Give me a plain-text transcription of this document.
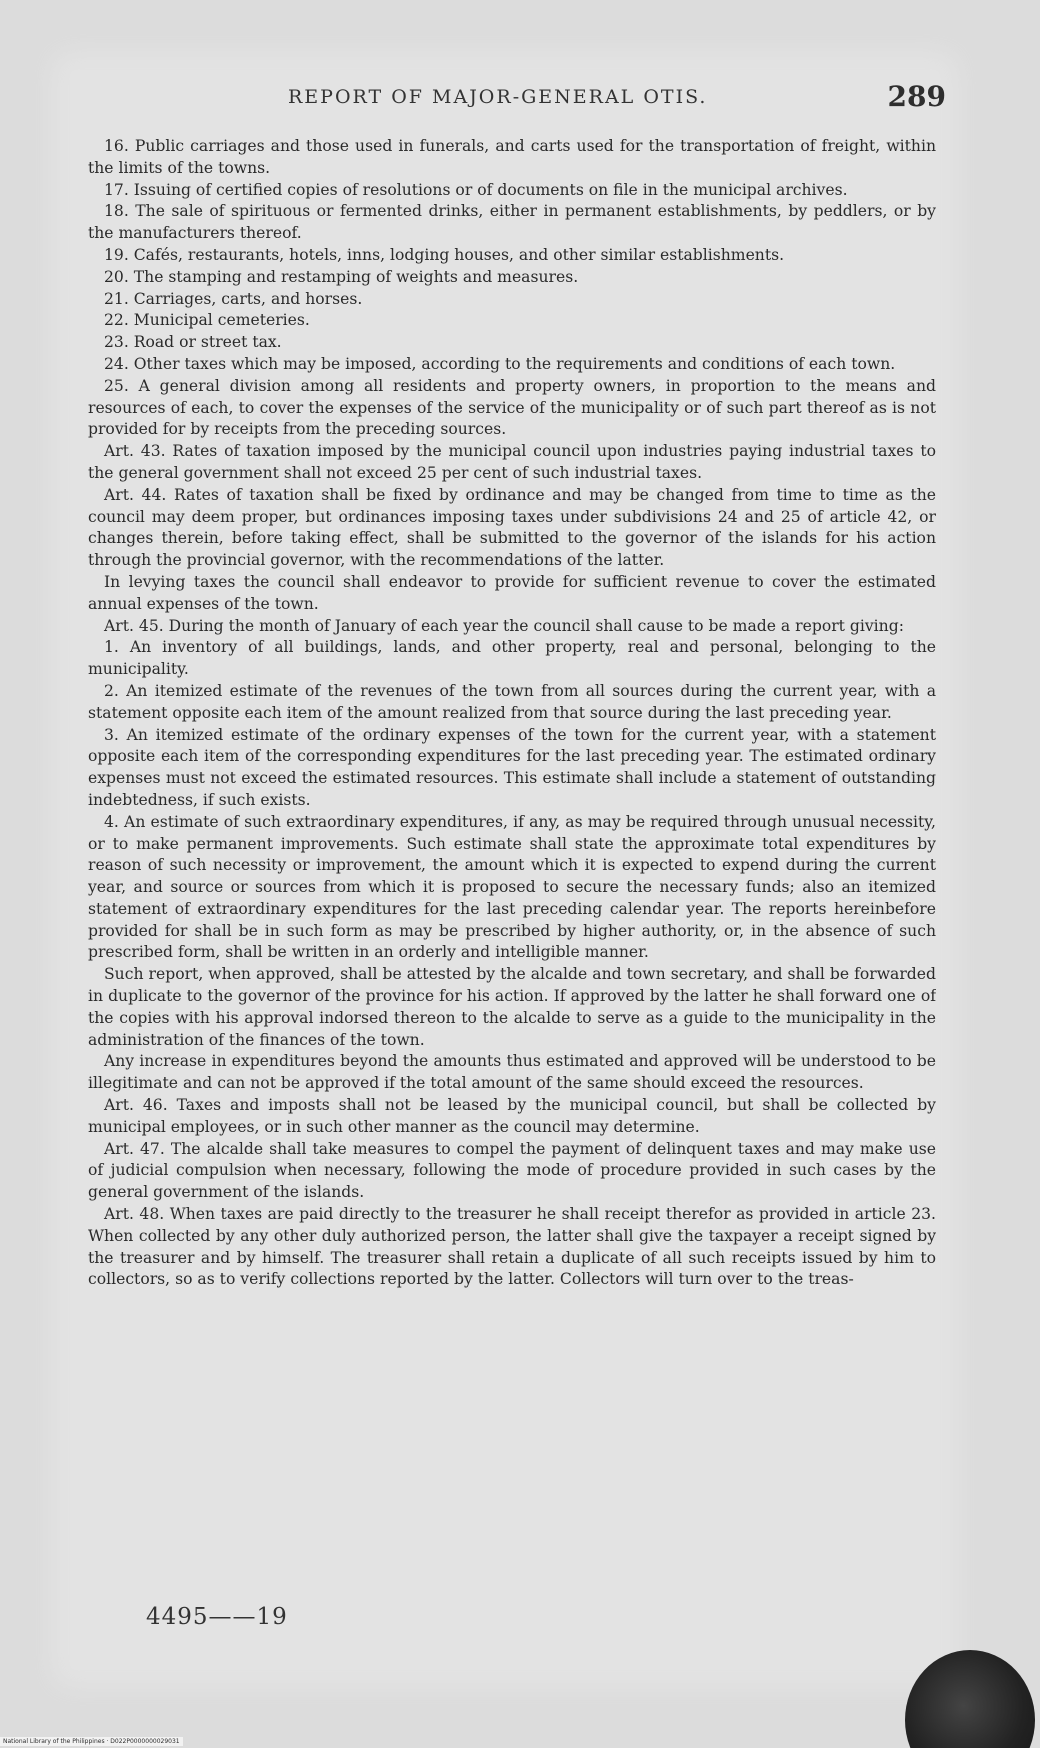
REPORT OF MAJOR-GENERAL OTIS.	289

16. Public carriages and those used in funerals, and carts used for the transportation of freight, within the limits of the towns.

17. Issuing of certified copies of resolutions or of documents on file in the municipal archives.

18. The sale of spirituous or fermented drinks, either in permanent establishments, by peddlers, or by the manufacturers thereof.

19. Cafés, restaurants, hotels, inns, lodging houses, and other similar establishments.

20. The stamping and restamping of weights and measures.

21. Carriages, carts, and horses.

22. Municipal cemeteries.

23. Road or street tax.

24. Other taxes which may be imposed, according to the requirements and conditions of each town.

25. A general division among all residents and property owners, in proportion to the means and resources of each, to cover the expenses of the service of the municipality or of such part thereof as is not provided for by receipts from the preceding sources.

Art. 43. Rates of taxation imposed by the municipal council upon industries paying industrial taxes to the general government shall not exceed 25 per cent of such industrial taxes.

Art. 44. Rates of taxation shall be fixed by ordinance and may be changed from time to time as the council may deem proper, but ordinances imposing taxes under subdivisions 24 and 25 of article 42, or changes therein, before taking effect, shall be submitted to the governor of the islands for his action through the provincial governor, with the recommendations of the latter.

In levying taxes the council shall endeavor to provide for sufficient revenue to cover the estimated annual expenses of the town.

Art. 45. During the month of January of each year the council shall cause to be made a report giving:

1. An inventory of all buildings, lands, and other property, real and personal, belonging to the municipality.

2. An itemized estimate of the revenues of the town from all sources during the current year, with a statement opposite each item of the amount realized from that source during the last preceding year.

3. An itemized estimate of the ordinary expenses of the town for the current year, with a statement opposite each item of the corresponding expenditures for the last preceding year. The estimated ordinary expenses must not exceed the estimated resources. This estimate shall include a statement of outstanding indebtedness, if such exists.

4. An estimate of such extraordinary expenditures, if any, as may be required through unusual necessity, or to make permanent improvements. Such estimate shall state the approximate total expenditures by reason of such necessity or improvement, the amount which it is expected to expend during the current year, and source or sources from which it is proposed to secure the necessary funds; also an itemized statement of extraordinary expenditures for the last preceding calendar year. The reports hereinbefore provided for shall be in such form as may be prescribed by higher authority, or, in the absence of such prescribed form, shall be written in an orderly and intelligible manner.

Such report, when approved, shall be attested by the alcalde and town secretary, and shall be forwarded in duplicate to the governor of the province for his action. If approved by the latter he shall forward one of the copies with his approval indorsed thereon to the alcalde to serve as a guide to the municipality in the administration of the finances of the town.

Any increase in expenditures beyond the amounts thus estimated and approved will be understood to be illegitimate and can not be approved if the total amount of the same should exceed the resources.

Art. 46. Taxes and imposts shall not be leased by the municipal council, but shall be collected by municipal employees, or in such other manner as the council may determine.

Art. 47. The alcalde shall take measures to compel the payment of delinquent taxes and may make use of judicial compulsion when necessary, following the mode of procedure provided in such cases by the general government of the islands.

Art. 48. When taxes are paid directly to the treasurer he shall receipt therefor as provided in article 23. When collected by any other duly authorized person, the latter shall give the taxpayer a receipt signed by the treasurer and by himself. The treasurer shall retain a duplicate of all such receipts issued by him to collectors, so as to verify collections reported by the latter. Collectors will turn over to the treas-

4495——19
National Library of the Philippines · D022P0000000029031
